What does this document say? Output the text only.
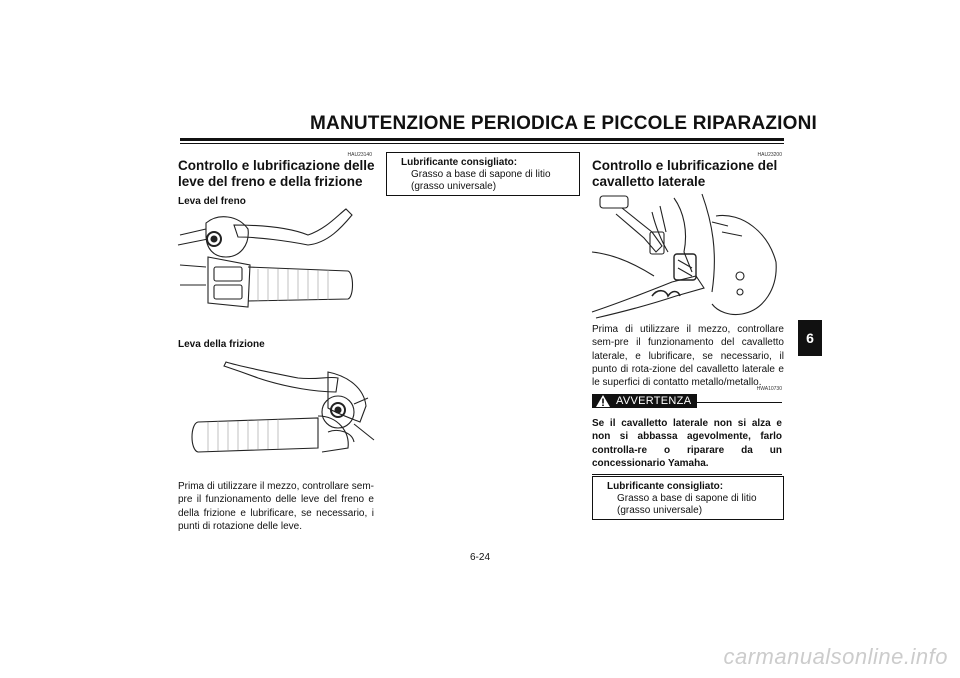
MANUTENZIONE PERIODICA E PICCOLE RIPARAZIONI
6
HAU23140
Controllo e lubrificazione delle
leve del freno e della frizione
Leva del freno
Leva della frizione
Prima di utilizzare il mezzo, controllare sem-pre il funzionamento delle leve del freno e della frizione e lubrificare, se necessario, i punti di rotazione delle leve.
Lubrificante consigliato:
Grasso a base di sapone di litio
(grasso universale)
HAU23200
Controllo e lubrificazione del
cavalletto laterale
Prima di utilizzare il mezzo, controllare sem-pre il funzionamento del cavalletto laterale, e lubrificare, se necessario, il punto di rota-zione del cavalletto laterale e le superfici di contatto metallo/metallo.
HWA10730
AVVERTENZA
Se il cavalletto laterale non si alza e non si abbassa agevolmente, farlo controlla-re o riparare da un concessionario Yamaha.
Lubrificante consigliato:
Grasso a base di sapone di litio
(grasso universale)
6-24
carmanualsonline.info
